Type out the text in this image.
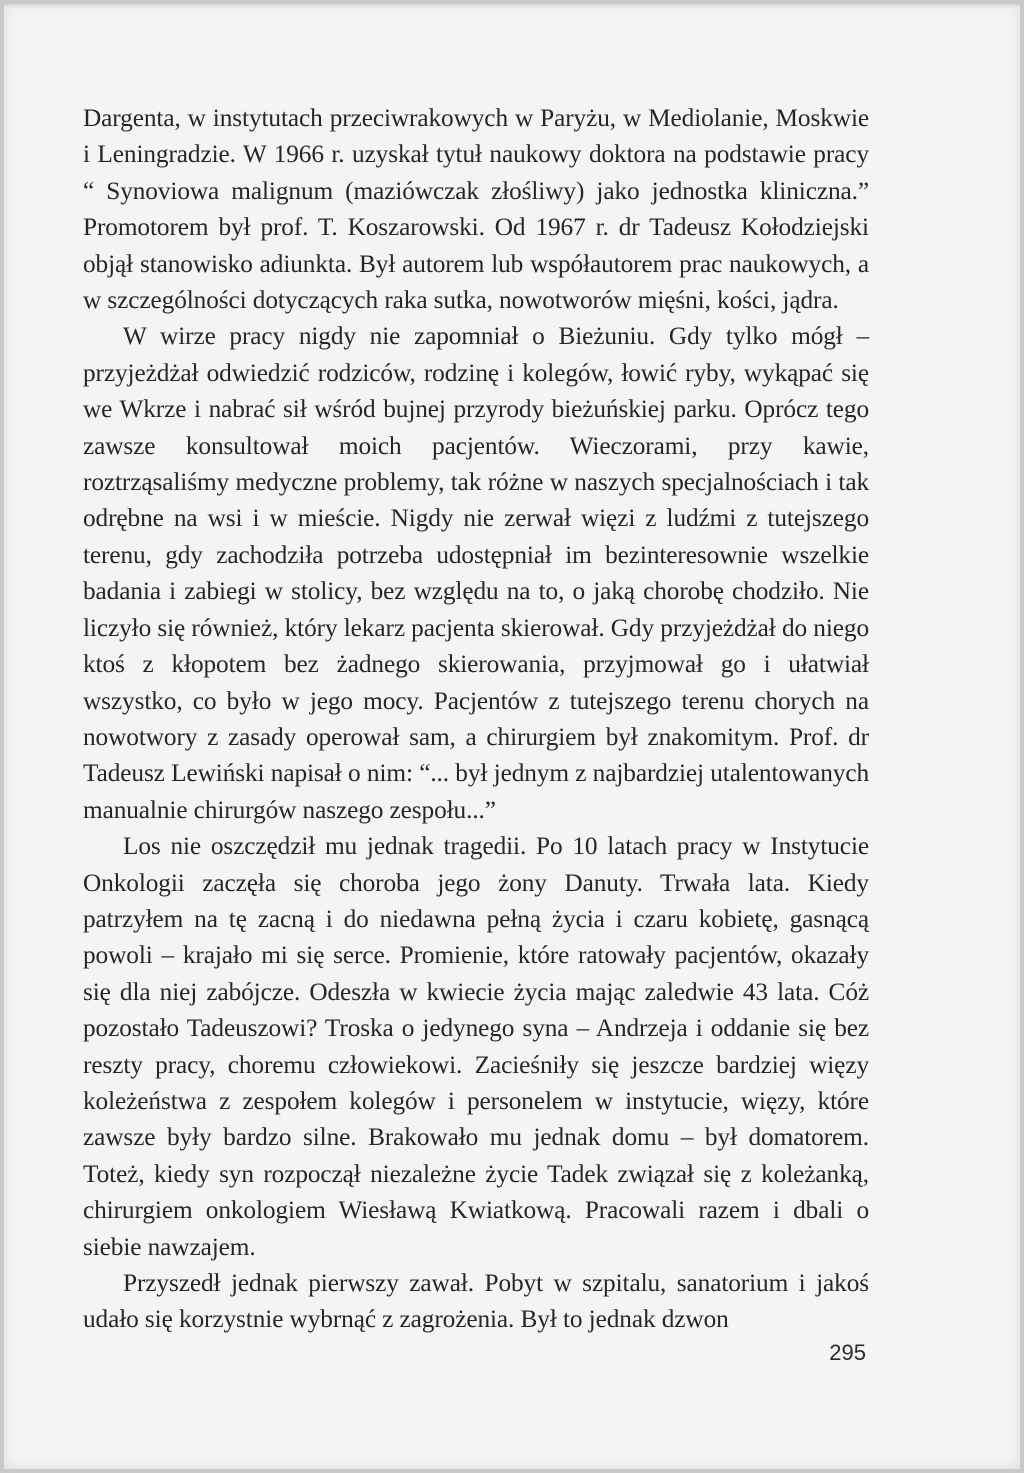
Dargenta, w instytutach przeciwrakowych w Paryżu, w Mediolanie, Moskwie i Leningradzie. W 1966 r. uzyskał tytuł naukowy doktora na podstawie pracy “ Synoviowa malignum (maziówczak złośliwy) jako jednostka kliniczna.” Promotorem był prof. T. Koszarowski. Od 1967 r. dr Tadeusz Kołodziejski objął stanowisko adiunkta. Był autorem lub współautorem prac naukowych, a w szczególności dotyczących raka sutka, nowotworów mięśni, kości, jądra.

W wirze pracy nigdy nie zapomniał o Bieżuniu. Gdy tylko mógł – przyjeżdżał odwiedzić rodziców, rodzinę i kolegów, łowić ryby, wykąpać się we Wkrze i nabrać sił wśród bujnej przyrody bieżuńskiej parku. Oprócz tego zawsze konsultował moich pacjentów. Wieczorami, przy kawie, roztrząsaliśmy medyczne problemy, tak różne w naszych specjalnościach i tak odrębne na wsi i w mieście. Nigdy nie zerwał więzi z ludźmi z tutejszego terenu, gdy zachodziła potrzeba udostępniał im bezinteresownie wszelkie badania i zabiegi w stolicy, bez względu na to, o jaką chorobę chodziło. Nie liczyło się również, który lekarz pacjenta skierował. Gdy przyjeżdżał do niego ktoś z kłopotem bez żadnego skierowania, przyjmował go i ułatwiał wszystko, co było w jego mocy. Pacjentów z tutejszego terenu chorych na nowotwory z zasady operował sam, a chirurgiem był znakomitym. Prof. dr Tadeusz Lewiński napisał o nim: “... był jednym z najbardziej utalentowanych manualnie chirurgów naszego zespołu...”

Los nie oszczędził mu jednak tragedii. Po 10 latach pracy w Instytucie Onkologii zaczęła się choroba jego żony Danuty. Trwała lata. Kiedy patrzyłem na tę zacną i do niedawna pełną życia i czaru kobietę, gasnącą powoli – krajało mi się serce. Promienie, które ratowały pacjentów, okazały się dla niej zabójcze. Odeszła w kwiecie życia mając zaledwie 43 lata. Cóż pozostało Tadeuszowi? Troska o jedynego syna – Andrzeja i oddanie się bez reszty pracy, choremu człowiekowi. Zacieśniły się jeszcze bardziej więzy koleżeństwa z zespołem kolegów i personelem w instytucie, więzy, które zawsze były bardzo silne. Brakowało mu jednak domu – był domatorem. Toteż, kiedy syn rozpoczął niezależne życie Tadek związał się z koleżanką, chirurgiem onkologiem Wiesławą Kwiatkową. Pracowali razem i dbali o siebie nawzajem.

Przyszedł jednak pierwszy zawał. Pobyt w szpitalu, sanatorium i jakoś udało się korzystnie wybrnąć z zagrożenia. Był to jednak dzwon

295
